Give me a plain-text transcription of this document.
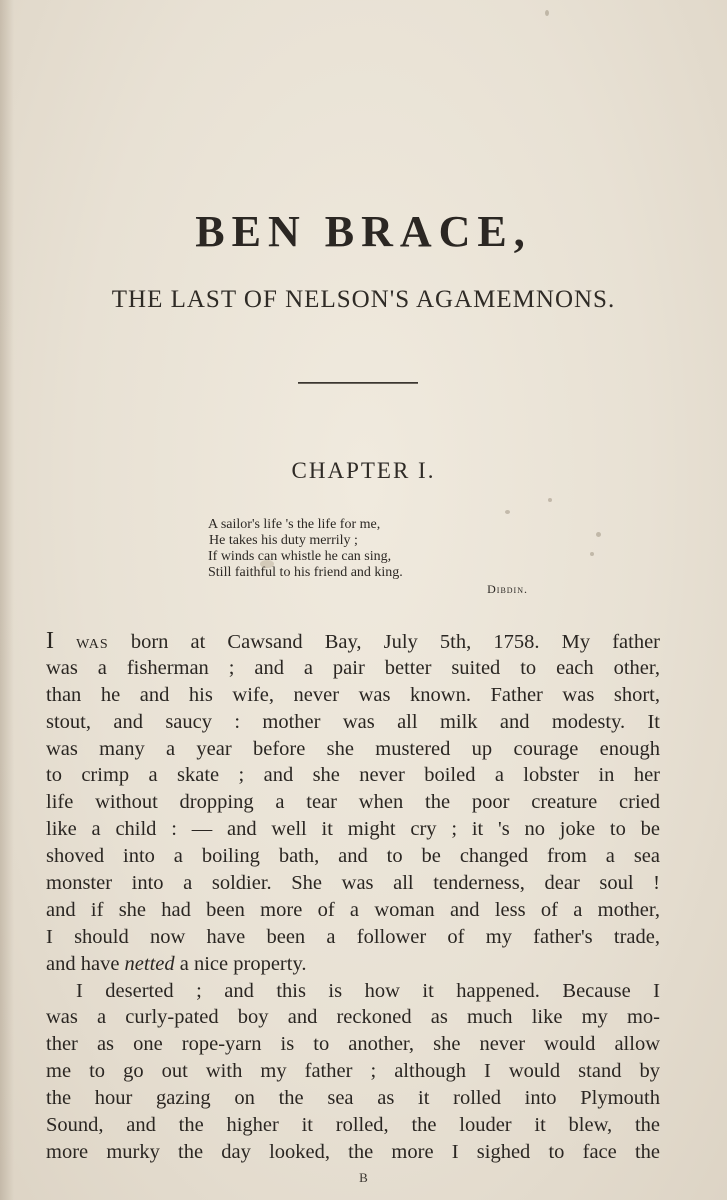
BEN BRACE,
THE LAST OF NELSON'S AGAMEMNONS.
CHAPTER I.
A sailor's life 's the life for me,
He takes his duty merrily ;
If winds can whistle he can sing,
Still faithful to his friend and king.
Dibdin.
I was born at Cawsand Bay, July 5th, 1758. My father
was a fisherman ; and a pair better suited to each other,
than he and his wife, never was known. Father was short,
stout, and saucy : mother was all milk and modesty. It
was many a year before she mustered up courage enough
to crimp a skate ; and she never boiled a lobster in her
life without dropping a tear when the poor creature cried
like a child : — and well it might cry ; it 's no joke to be
shoved into a boiling bath, and to be changed from a sea
monster into a soldier. She was all tenderness, dear soul !
and if she had been more of a woman and less of a mother,
I should now have been a follower of my father's trade,
and have netted a nice property.
I deserted ; and this is how it happened. Because I
was a curly-pated boy and reckoned as much like my mo-
ther as one rope-yarn is to another, she never would allow
me to go out with my father ; although I would stand by
the hour gazing on the sea as it rolled into Plymouth
Sound, and the higher it rolled, the louder it blew, the
more murky the day looked, the more I sighed to face the
B
